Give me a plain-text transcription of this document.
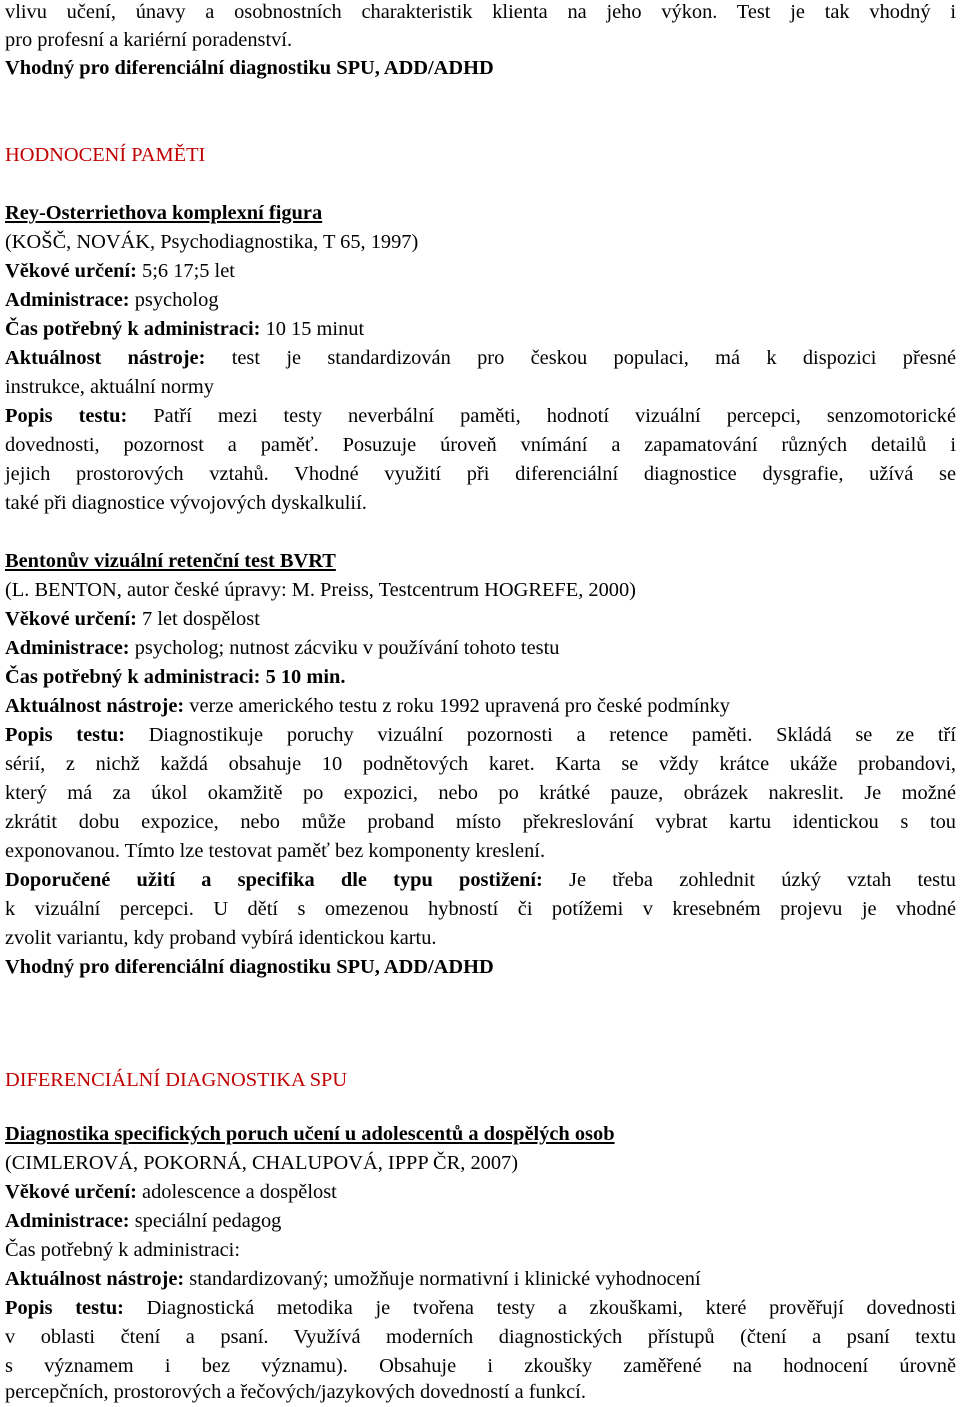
vlivu učení, únavy a osobnostních charakteristik klienta na jeho výkon. Test je tak vhodný i
pro profesní a kariérní poradenství.
Vhodný pro diferenciální diagnostiku SPU, ADD/ADHD
HODNOCENÍ PAMĚTI
Rey-Osterriethova komplexní figura
(KOŠČ, NOVÁK, Psychodiagnostika, T 65, 1997)
Věkové určení: 5;6 17;5 let
Administrace: psycholog
Čas potřebný k administraci: 10 15 minut
Aktuálnost nástroje: test je standardizován pro českou populaci, má k dispozici přesné
instrukce, aktuální normy
Popis testu: Patří mezi testy neverbální paměti, hodnotí vizuální percepci, senzomotorické
dovednosti, pozornost a paměť. Posuzuje úroveň vnímání a zapamatování různých detailů i
jejich prostorových vztahů. Vhodné využití při diferenciální diagnostice dysgrafie, užívá se
také při diagnostice vývojových dyskalkulií.
Bentonův vizuální retenční test BVRT
(L. BENTON, autor české úpravy: M. Preiss, Testcentrum HOGREFE, 2000)
Věkové určení: 7 let dospělost
Administrace: psycholog; nutnost zácviku v používání tohoto testu
Čas potřebný k administraci: 5 10 min.
Aktuálnost nástroje: verze amerického testu z roku 1992 upravená pro české podmínky
Popis testu: Diagnostikuje poruchy vizuální pozornosti a retence paměti. Skládá se ze tří
sérií, z nichž každá obsahuje 10 podnětových karet. Karta se vždy krátce ukáže probandovi,
který má za úkol okamžitě po expozici, nebo po krátké pauze, obrázek nakreslit. Je možné
zkrátit dobu expozice, nebo může proband místo překreslování vybrat kartu identickou s tou
exponovanou. Tímto lze testovat paměť bez komponenty kreslení.
Doporučené užití a specifika dle typu postižení: Je třeba zohlednit úzký vztah testu
k vizuální percepci. U dětí s omezenou hybností či potížemi v kresebném projevu je vhodné
zvolit variantu, kdy proband vybírá identickou kartu.
Vhodný pro diferenciální diagnostiku SPU, ADD/ADHD
DIFERENCIÁLNÍ DIAGNOSTIKA SPU
Diagnostika specifických poruch učení u adolescentů a dospělých osob
(CIMLEROVÁ, POKORNÁ, CHALUPOVÁ, IPPP ČR, 2007)
Věkové určení: adolescence a dospělost
Administrace: speciální pedagog
Čas potřebný k administraci:
Aktuálnost nástroje: standardizovaný; umožňuje normativní i klinické vyhodnocení
Popis testu: Diagnostická metodika je tvořena testy a zkouškami, které prověřují dovednosti
v oblasti čtení a psaní. Využívá moderních diagnostických přístupů (čtení a psaní textu
s významem i bez významu). Obsahuje i zkoušky zaměřené na hodnocení úrovně
percepčních, prostorových a řečových/jazykových dovedností a funkcí.
